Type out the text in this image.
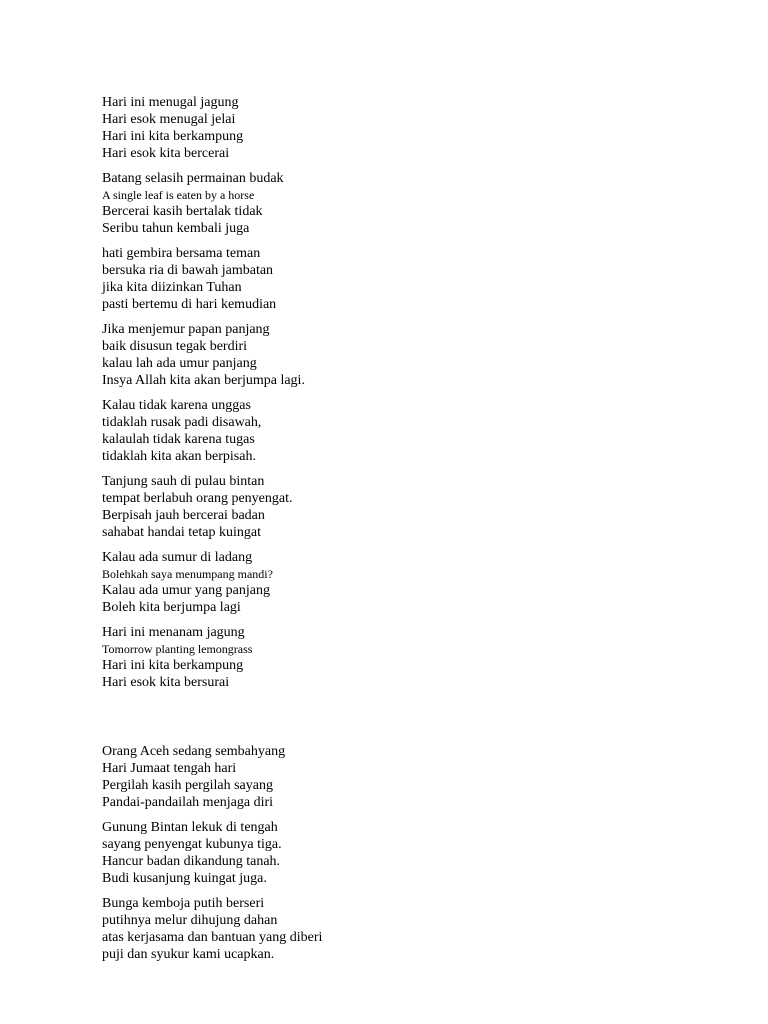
Hari ini menugal jagung
Hari esok menugal jelai
Hari ini kita berkampung
Hari esok kita bercerai
Batang selasih permainan budak
A single leaf is eaten by a horse
Bercerai kasih bertalak tidak
Seribu tahun kembali juga
hati gembira bersama teman
bersuka ria di bawah jambatan
jika kita diizinkan Tuhan
pasti bertemu di hari kemudian
Jika menjemur papan panjang
baik disusun tegak berdiri
kalau lah ada umur panjang
Insya Allah kita akan berjumpa lagi.
Kalau tidak karena unggas
tidaklah rusak padi disawah,
kalaulah tidak karena tugas
tidaklah kita akan berpisah.
Tanjung sauh di pulau bintan
tempat berlabuh orang penyengat.
Berpisah jauh bercerai badan
sahabat handai tetap kuingat
Kalau ada sumur di ladang
Bolehkah saya menumpang mandi?
Kalau ada umur yang panjang
Boleh kita berjumpa lagi
Hari ini menanam jagung
Tomorrow planting lemongrass
Hari ini kita berkampung
Hari esok kita bersurai
Orang Aceh sedang sembahyang
Hari Jumaat tengah hari
Pergilah kasih pergilah sayang
Pandai-pandailah menjaga diri
Gunung Bintan lekuk di tengah
sayang penyengat kubunya tiga.
Hancur badan dikandung tanah.
Budi kusanjung kuingat juga.
Bunga kemboja putih berseri
putihnya melur dihujung dahan
atas kerjasama dan bantuan yang diberi
puji dan syukur kami ucapkan.
